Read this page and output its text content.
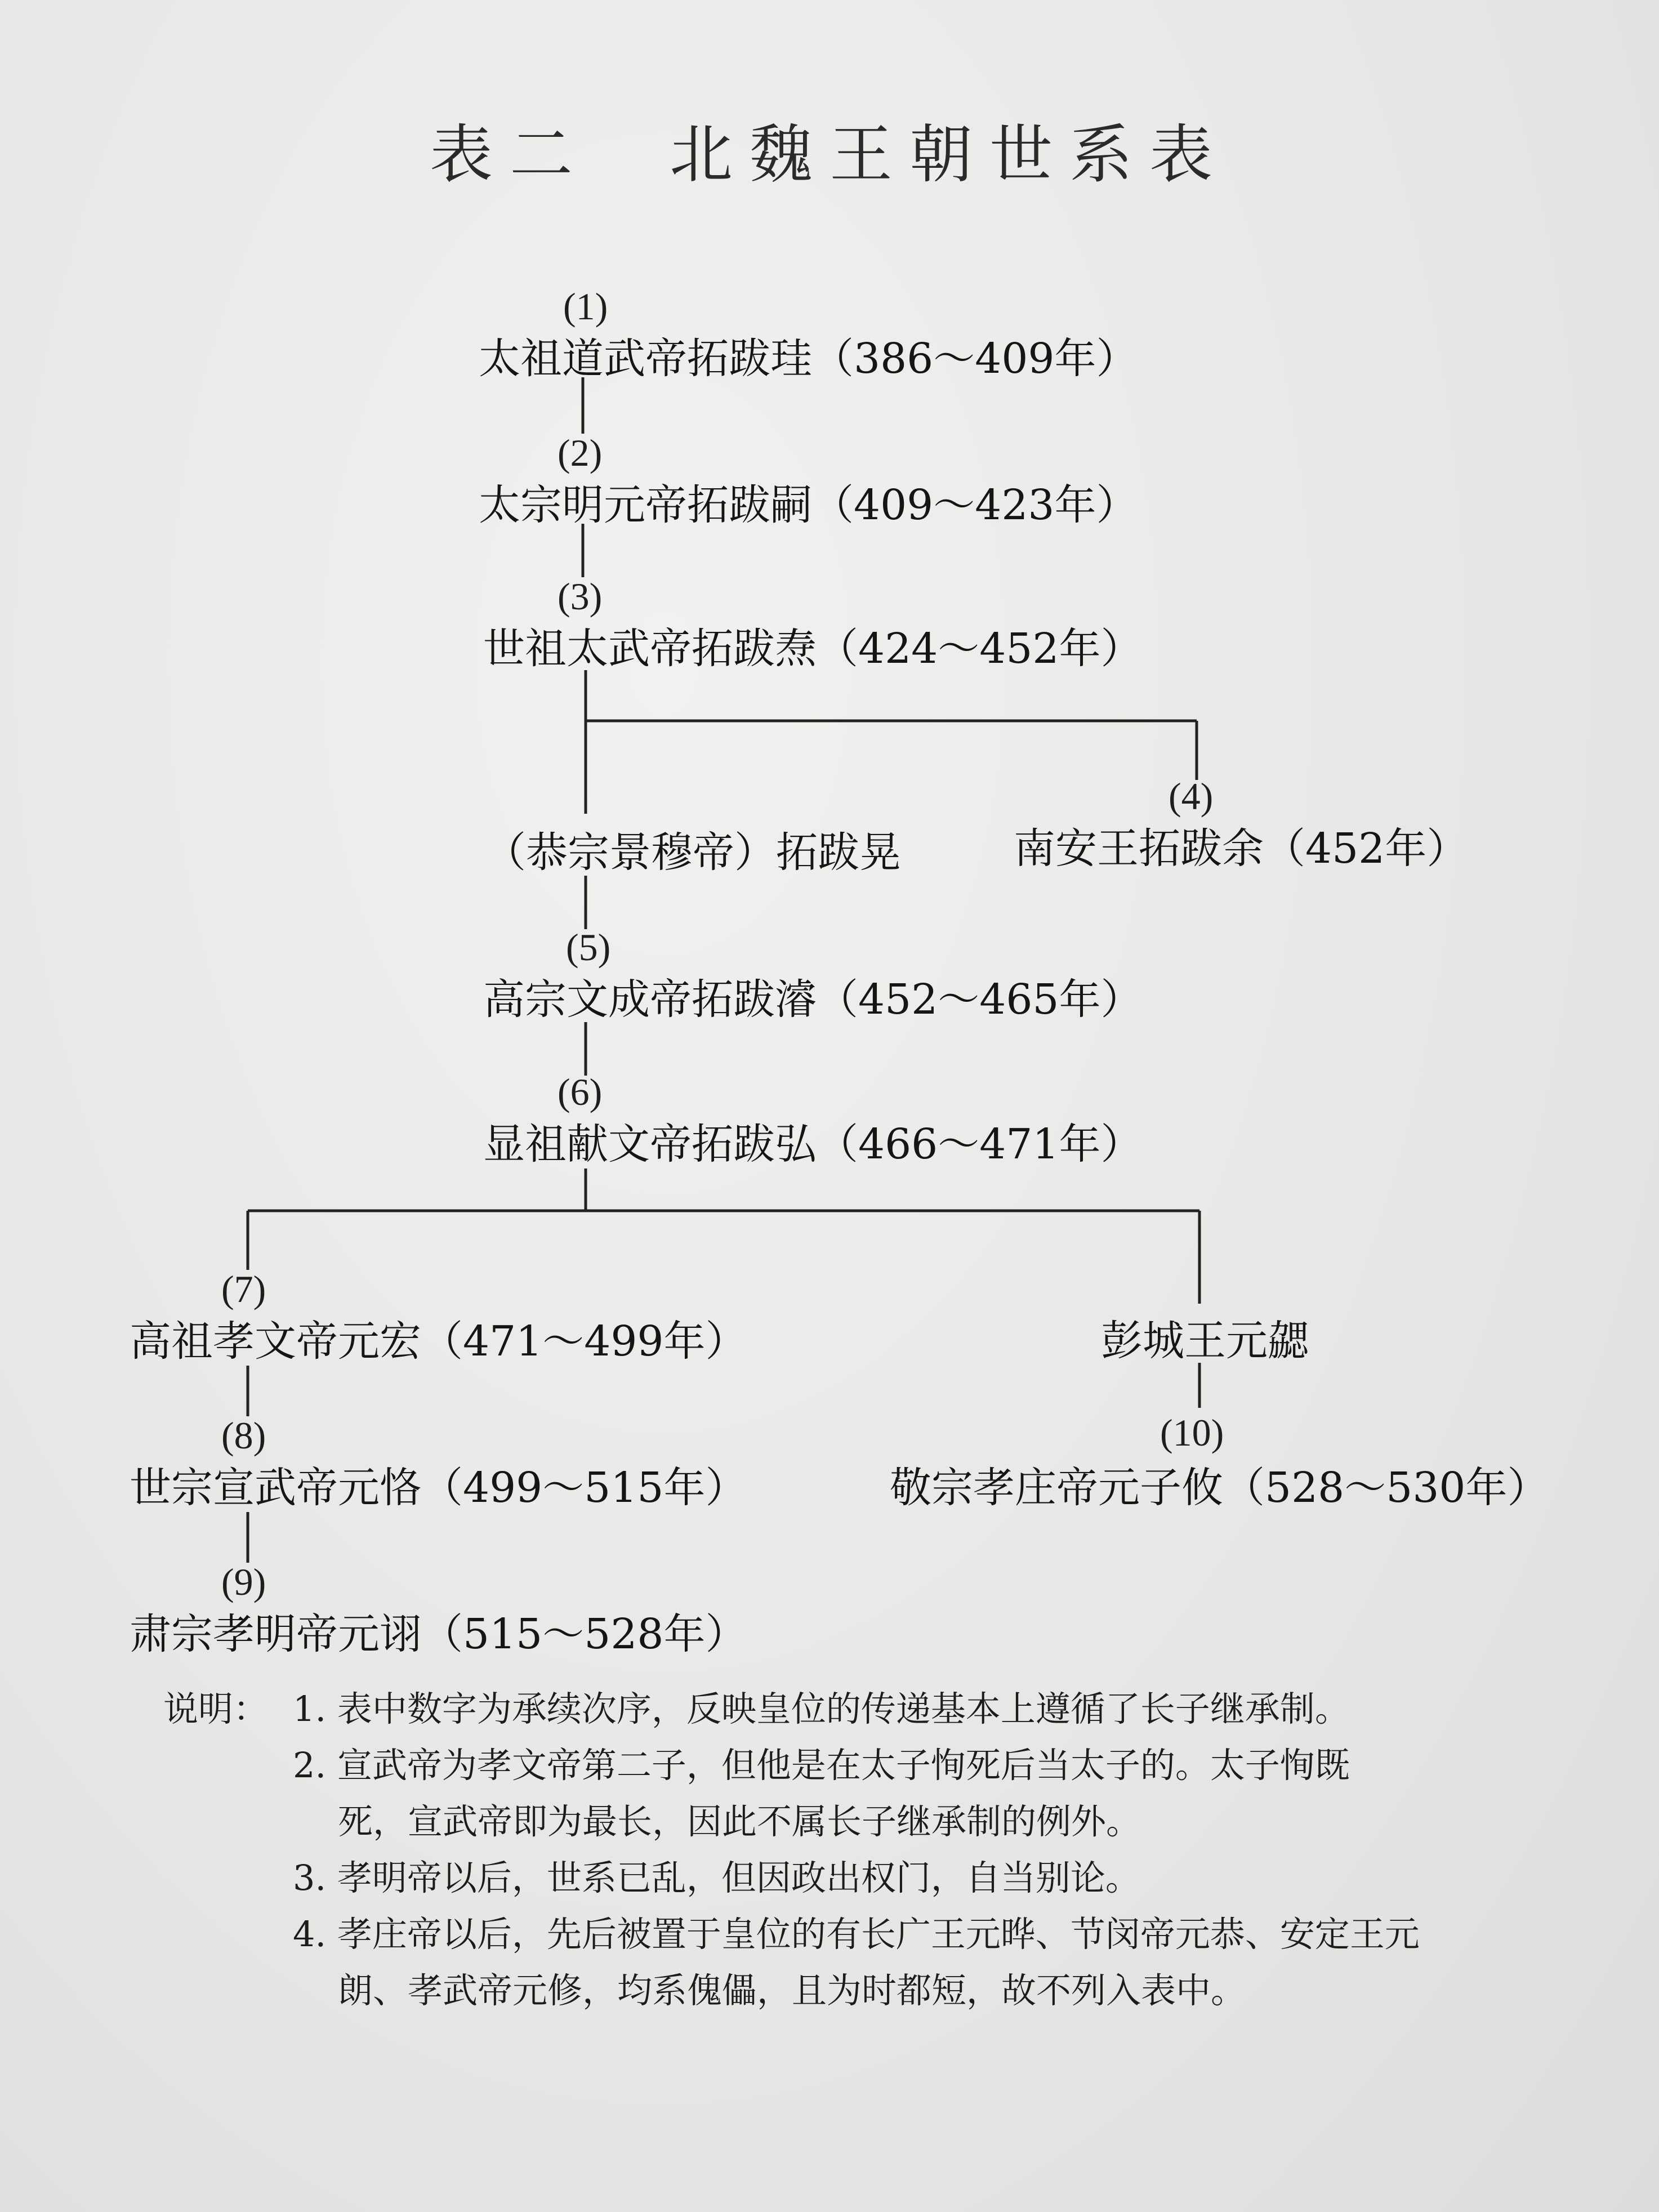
表二　北魏王朝世系表
(1)
太祖道武帝拓跋珪（386～409年）
(2)
太宗明元帝拓跋嗣（409～423年）
(3)
世祖太武帝拓跋焘（424～452年）
（恭宗景穆帝）拓跋晃
(4)
南安王拓跋余（452年）
(5)
高宗文成帝拓跋濬（452～465年）
(6)
显祖献文帝拓跋弘（466～471年）
(7)
高祖孝文帝元宏（471～499年）	彭城王元勰
(8)
世宗宣武帝元恪（499～515年）
(10)
敬宗孝庄帝元子攸（528～530年）
(9)
肃宗孝明帝元诩（515～528年）
说明： 1. 表中数字为承续次序，反映皇位的传递基本上遵循了长子继承制。
2. 宣武帝为孝文帝第二子，但他是在太子恂死后当太子的。太子恂既
死，宣武帝即为最长，因此不属长子继承制的例外。
3. 孝明帝以后，世系已乱，但因政出权门，自当别论。
4. 孝庄帝以后，先后被置于皇位的有长广王元晔、节闵帝元恭、安定王元
朗、孝武帝元修，均系傀儡，且为时都短，故不列入表中。
